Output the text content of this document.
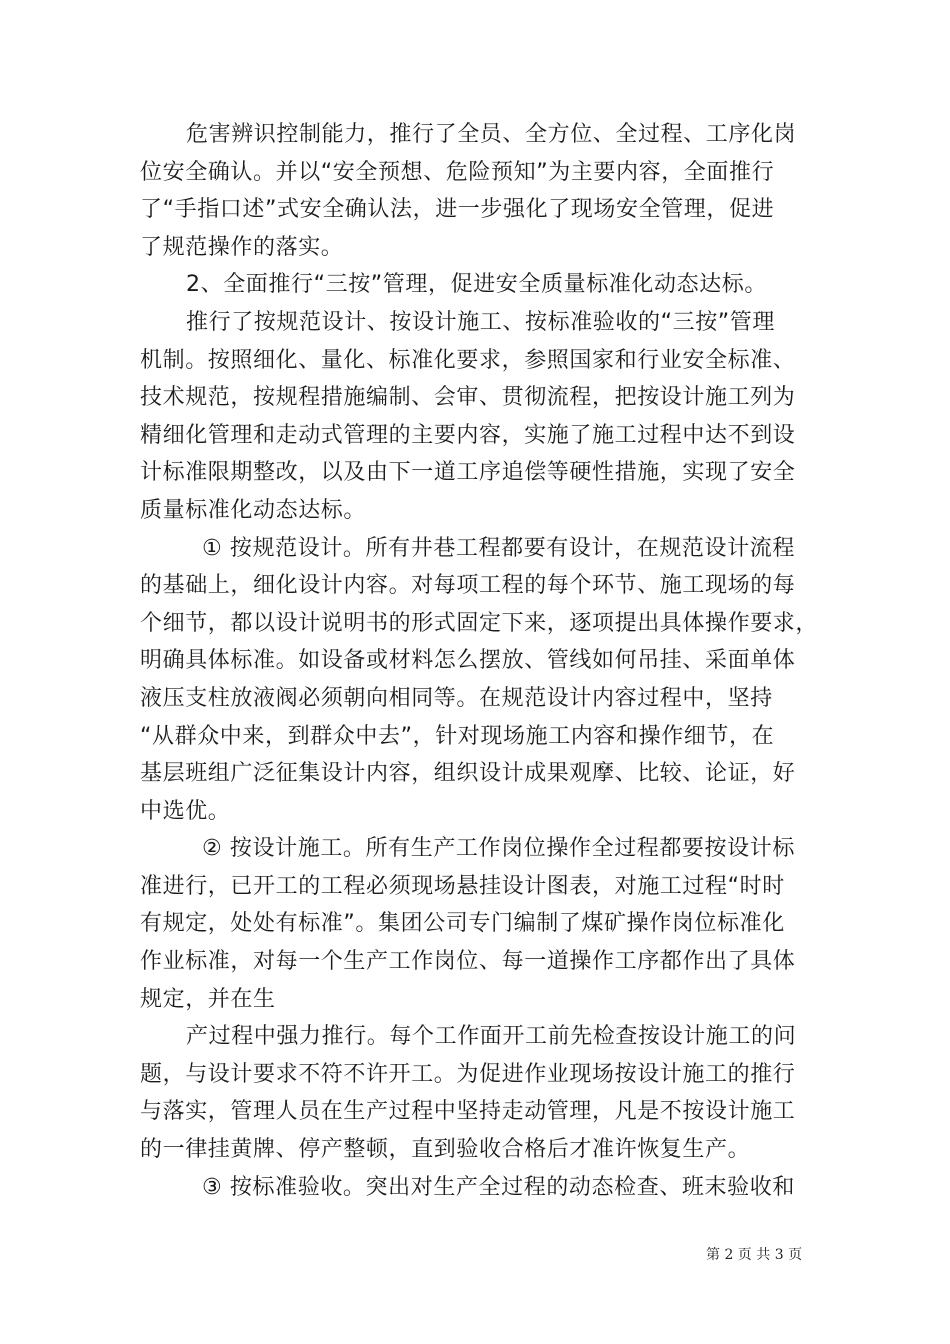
危害辨识控制能力，推行了全员、全方位、全过程、工序化岗
位安全确认。并以“安全预想、危险预知”为主要内容，全面推行
了“手指口述”式安全确认法，进一步强化了现场安全管理，促进
了规范操作的落实。
2、全面推行“三按”管理，促进安全质量标准化动态达标。
推行了按规范设计、按设计施工、按标准验收的“三按”管理
机制。按照细化、量化、标准化要求，参照国家和行业安全标准、
技术规范，按规程措施编制、会审、贯彻流程，把按设计施工列为
精细化管理和走动式管理的主要内容，实施了施工过程中达不到设
计标准限期整改，以及由下一道工序追偿等硬性措施，实现了安全
质量标准化动态达标。
① 按规范设计。所有井巷工程都要有设计，在规范设计流程
的基础上，细化设计内容。对每项工程的每个环节、施工现场的每
个细节，都以设计说明书的形式固定下来，逐项提出具体操作要求，
明确具体标准。如设备或材料怎么摆放、管线如何吊挂、采面单体
液压支柱放液阀必须朝向相同等。在规范设计内容过程中，坚持
“从群众中来，到群众中去”，针对现场施工内容和操作细节，在
基层班组广泛征集设计内容，组织设计成果观摩、比较、论证，好
中选优。
② 按设计施工。所有生产工作岗位操作全过程都要按设计标
准进行，已开工的工程必须现场悬挂设计图表，对施工过程“时时
有规定，处处有标准”。集团公司专门编制了煤矿操作岗位标准化
作业标准，对每一个生产工作岗位、每一道操作工序都作出了具体
规定，并在生
产过程中强力推行。每个工作面开工前先检查按设计施工的问
题，与设计要求不符不许开工。为促进作业现场按设计施工的推行
与落实，管理人员在生产过程中坚持走动管理，凡是不按设计施工
的一律挂黄牌、停产整顿，直到验收合格后才准许恢复生产。
③ 按标准验收。突出对生产全过程的动态检查、班末验收和
第 2 页 共 3 页
